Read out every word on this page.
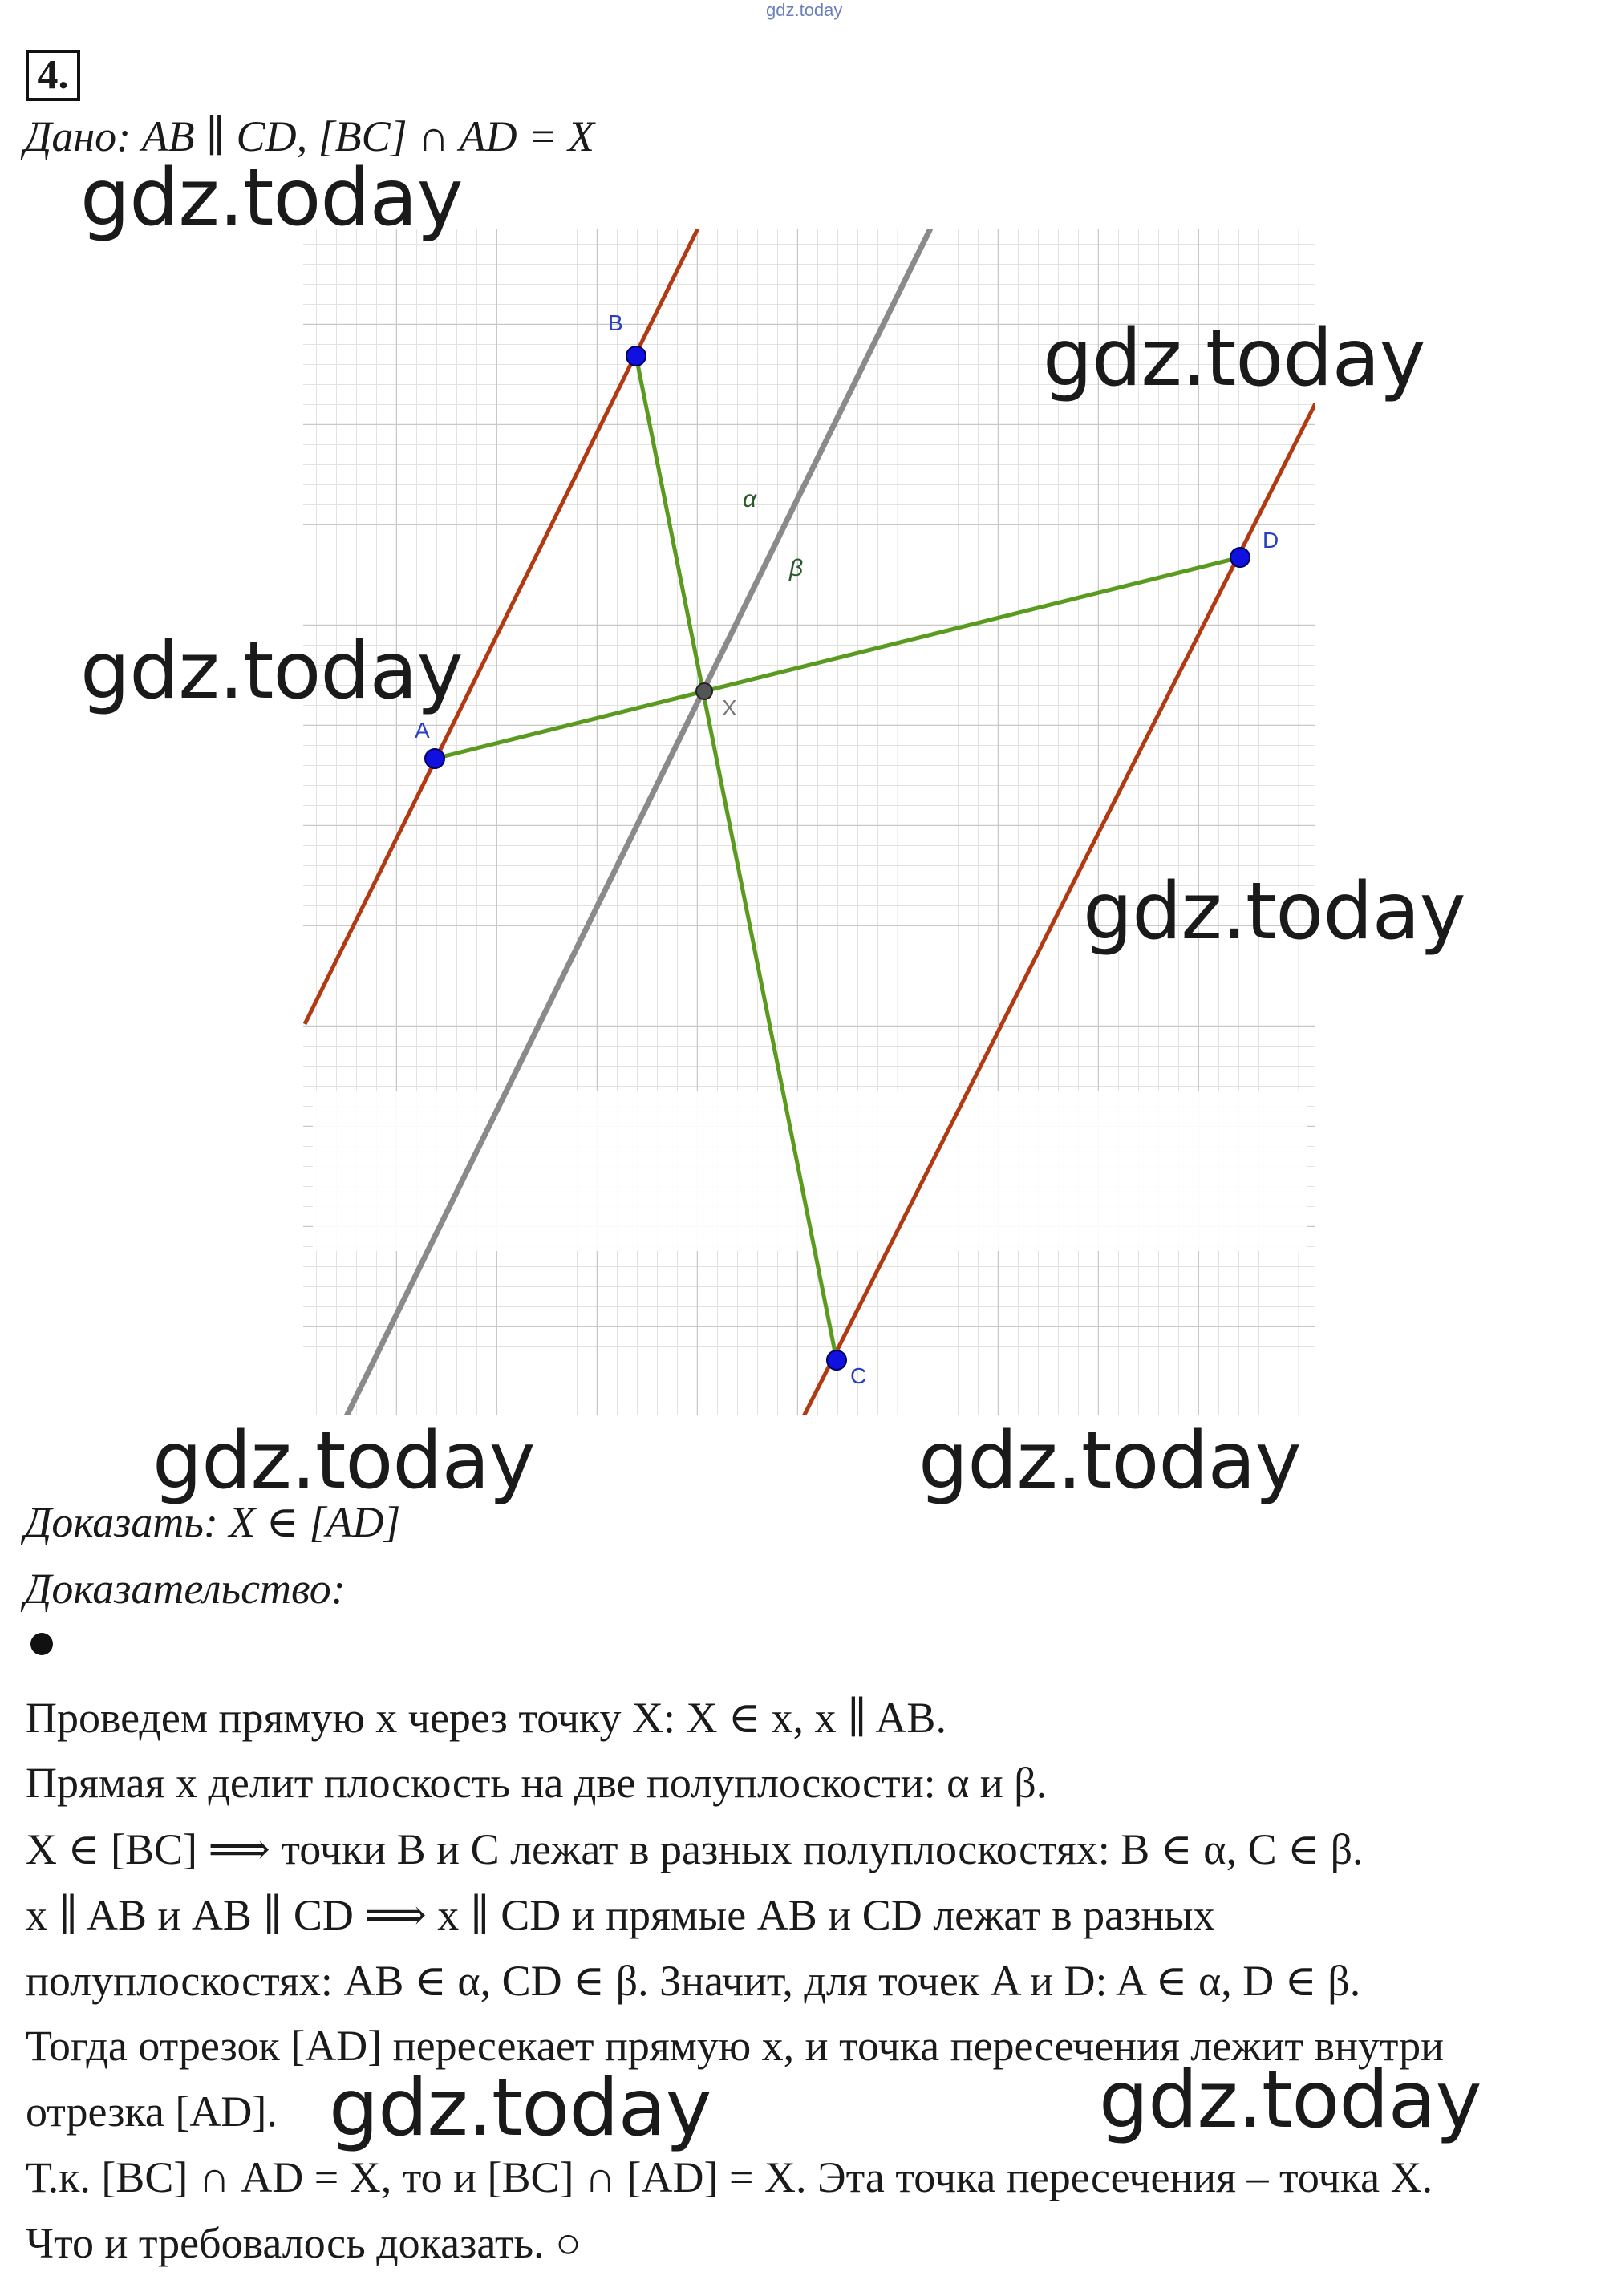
gdz.today
4.
Дано: AB ∥ CD, [BC] ∩ AD = X
B
A
D
C
X
α
β
gdz.today
gdz.today
gdz.today
gdz.today
gdz.today	gdz.today
Доказать: X ∈ [AD]
Доказательство:
Проведем прямую x через точку X: X ∈ x, x ∥ AB.
Прямая x делит плоскость на две полуплоскости: α и β.
X ∈ [BC] ⟹ точки B и C лежат в разных полуплоскостях: B ∈ α, C ∈ β.
x ∥ AB и AB ∥ CD ⟹ x ∥ CD и прямые AB и CD лежат в разных
полуплоскостях: AB ∈ α, CD ∈ β. Значит, для точек A и D: A ∈ α, D ∈ β.
Тогда отрезок [AD] пересекает прямую x, и точка пересечения лежит внутри
отрезка [AD].
Т.к. [BC] ∩ AD = X, то и [BC] ∩ [AD] = X. Эта точка пересечения – точка X.
Что и требовалось доказать. ○
gdz.today	gdz.today
